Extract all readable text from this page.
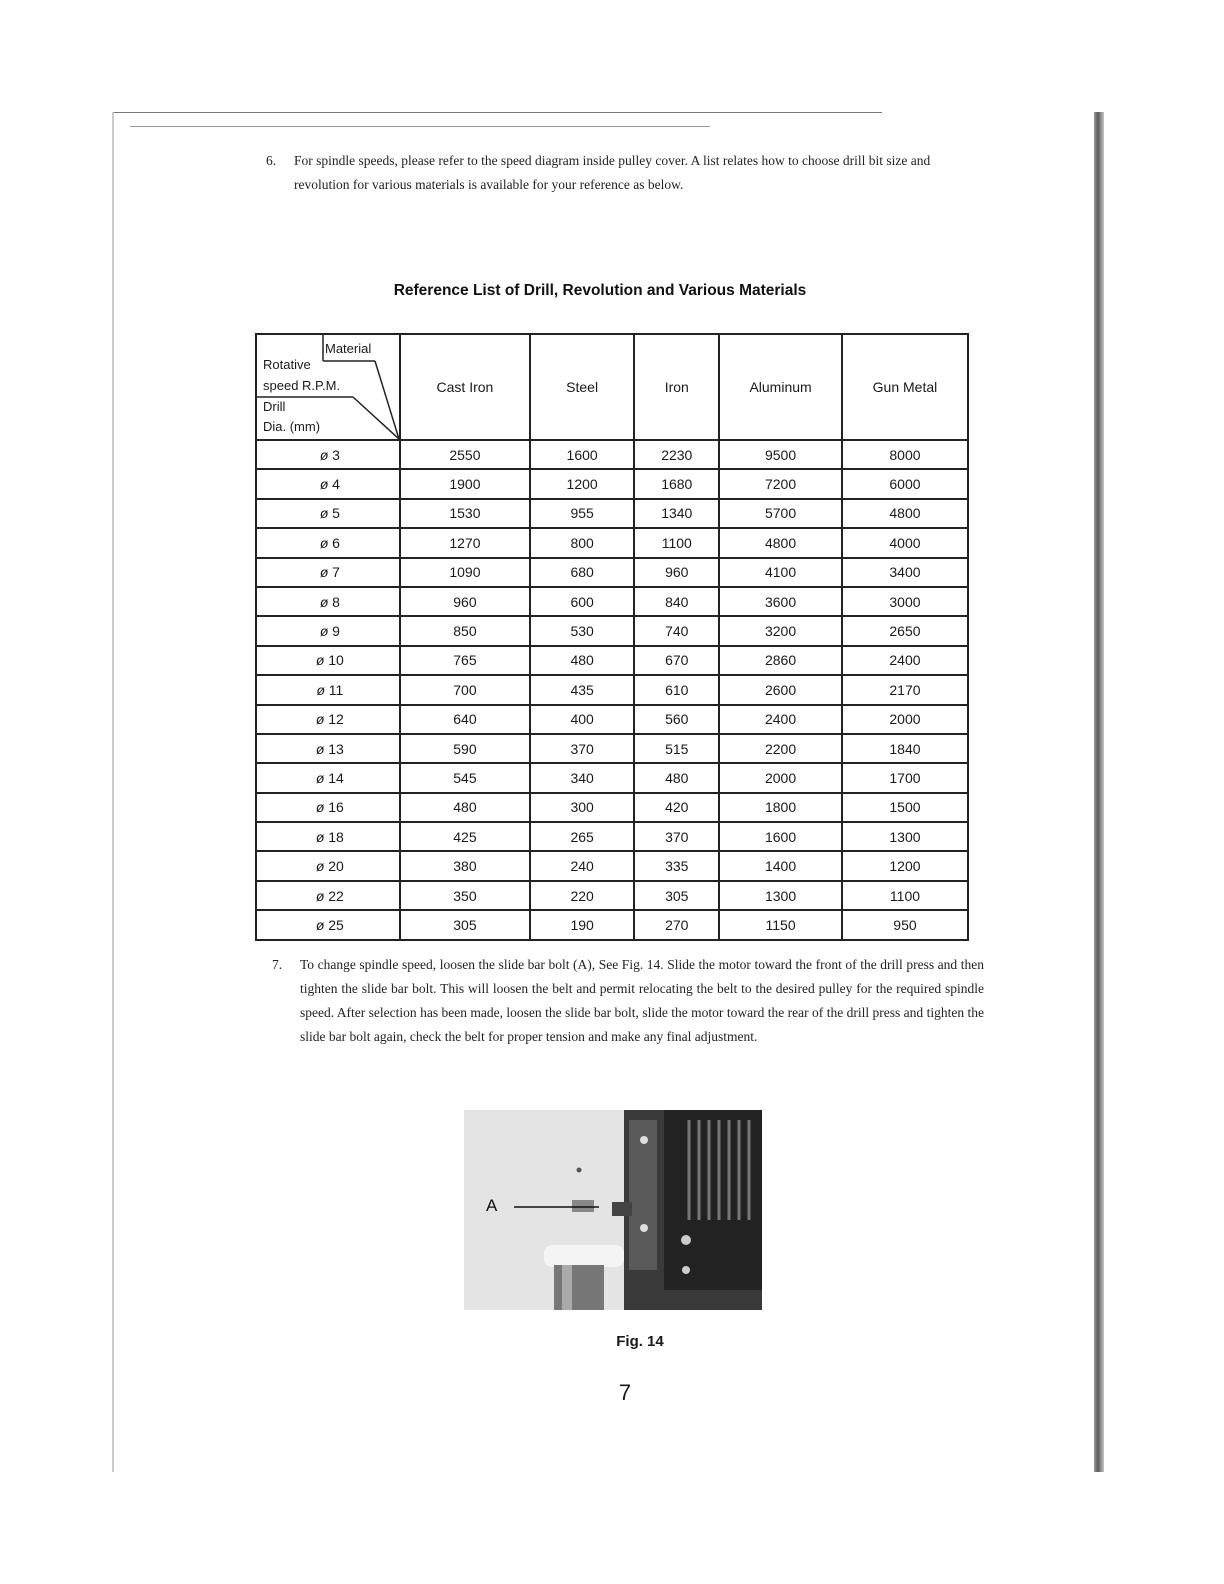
6. For spindle speeds, please refer to the speed diagram inside pulley cover. A list relates how to choose drill bit size and revolution for various materials is available for your reference as below.
Reference List of Drill, Revolution and Various Materials
Material
Rotative
speed R.P.M.
Drill
Dia. (mm)	Cast Iron	Steel	Iron	Aluminum	Gun Metal
ø 3	2550	1600	2230	9500	8000
ø 4	1900	1200	1680	7200	6000
ø 5	1530	955	1340	5700	4800
ø 6	1270	800	1100	4800	4000
ø 7	1090	680	960	4100	3400
ø 8	960	600	840	3600	3000
ø 9	850	530	740	3200	2650
ø 10	765	480	670	2860	2400
ø 11	700	435	610	2600	2170
ø 12	640	400	560	2400	2000
ø 13	590	370	515	2200	1840
ø 14	545	340	480	2000	1700
ø 16	480	300	420	1800	1500
ø 18	425	265	370	1600	1300
ø 20	380	240	335	1400	1200
ø 22	350	220	305	1300	1100
ø 25	305	190	270	1150	950
7. To change spindle speed, loosen the slide bar bolt (A), See Fig. 14. Slide the motor toward the front of the drill press and then tighten the slide bar bolt. This will loosen the belt and permit relocating the belt to the desired pulley for the required spindle speed. After selection has been made, loosen the slide bar bolt, slide the motor toward the rear of the drill press and tighten the slide bar bolt again, check the belt for proper tension and make any final adjustment.
A
Fig. 14
7
